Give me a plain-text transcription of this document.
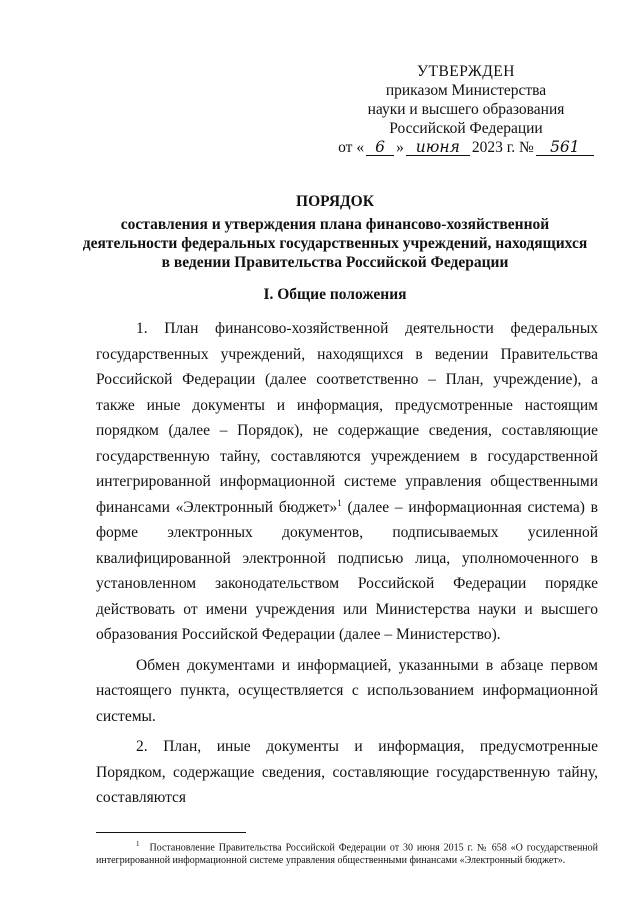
УТВЕРЖДЕН
приказом Министерства
науки и высшего образования
Российской Федерации
от « 6 » июня 2023 г. №	561
ПОРЯДОК
составления и утверждения плана финансово-хозяйственной
деятельности федеральных государственных учреждений, находящихся
в ведении Правительства Российской Федерации
I. Общие положения

1. План финансово-хозяйственной деятельности федеральных государственных учреждений, находящихся в ведении Правительства Российской Федерации (далее соответственно – План, учреждение), а также иные документы и информация, предусмотренные настоящим порядком (далее – Порядок), не содержащие сведения, составляющие государственную тайну, составляются учреждением в государственной интегрированной информационной системе управления общественными финансами «Электронный бюджет»$^1$ (далее – информационная система) в форме электронных документов, подписываемых усиленной квалифицированной электронной подписью лица, уполномоченного в установленном законодательством Российской Федерации порядке действовать от имени учреждения или Министерства науки и высшего образования Российской Федерации (далее – Министерство).

Обмен документами и информацией, указанными в абзаце первом настоящего пункта, осуществляется с использованием информационной системы.

2. План, иные документы и информация, предусмотренные Порядком, содержащие сведения, составляющие государственную тайну, составляются

$^1$ Постановление Правительства Российской Федерации от 30 июня 2015 г. № 658 «О государственной интегрированной информационной системе управления общественными финансами «Электронный бюджет».
